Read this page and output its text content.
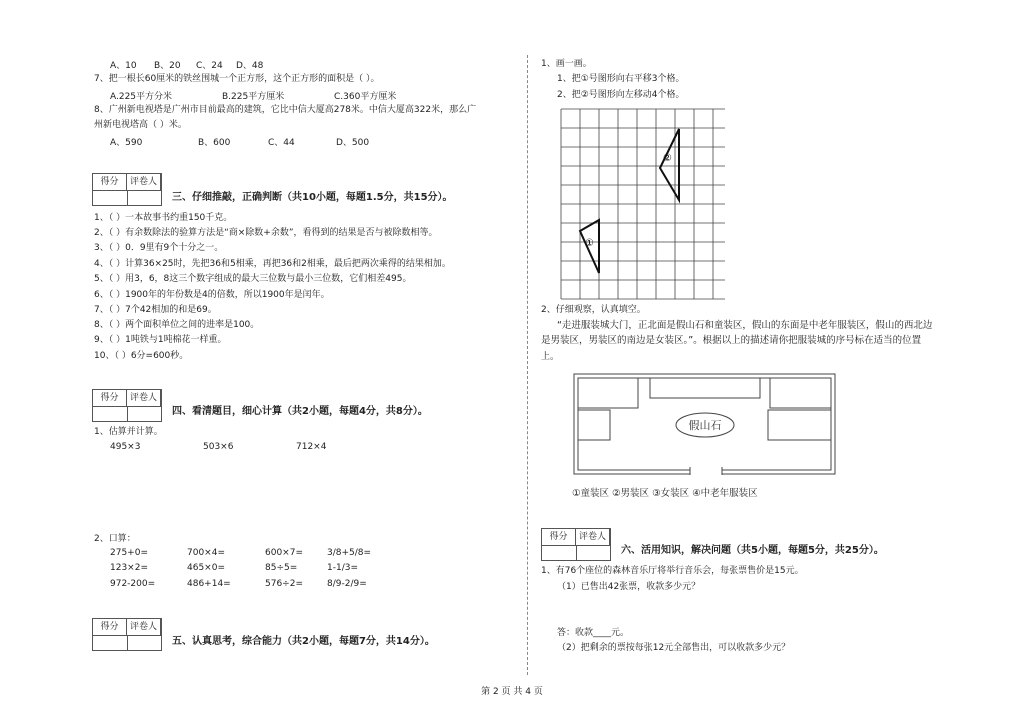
A、10	B、20	C、24	D、48
7、把一根长60厘米的铁丝围城一个正方形，这个正方形的面积是（ ）。
A.225平方分米	B.225平方厘米	C.360平方厘米
8、广州新电视塔是广州市目前最高的建筑，它比中信大厦高278米。中信大厦高322米，那么广
州新电视塔高（ ）米。
A、590	B、600	C、44	D、500
得分	评卷人
三、仔细推敲，正确判断（共10小题，每题1.5分，共15分）。
1、（ ）一本故事书约重150千克。
2、（ ）有余数除法的验算方法是“商×除数+余数”，看得到的结果是否与被除数相等。
3、（ ）0．9里有9个十分之一。
4、（ ）计算36×25时，先把36和5相乘，再把36和2相乘，最后把两次乘得的结果相加。
5、（ ）用3，6，8这三个数字组成的最大三位数与最小三位数，它们相差495。
6、（ ）1900年的年份数是4的倍数，所以1900年是闰年。
7、（ ）7个42相加的和是69。
8、（ ）两个面积单位之间的进率是100。
9、（ ）1吨铁与1吨棉花一样重。
10、（ ）6分=600秒。
得分	评卷人
四、看清题目，细心计算（共2小题，每题4分，共8分）。
1、估算并计算。
495×3	503×6	712×4
2、口算：
275+0=	700×4=	600×7=	3/8+5/8=
123×2=	465×0=	85÷5=	1-1/3=
972-200=	486+14=	576÷2=	8/9-2/9=
得分	评卷人
五、认真思考，综合能力（共2小题，每题7分，共14分）。
1、画一画。
1、把①号图形向右平移3个格。
2、把②号图形向左移动4个格。
①
②
2、仔细观察，认真填空。
“走进服装城大门，正北面是假山石和童装区，假山的东面是中老年服装区，假山的西北边
是男装区，男装区的南边是女装区。”。根据以上的描述请你把服装城的序号标在适当的位置
上。
假山石
①童装区 ②男装区 ③女装区 ④中老年服装区
得分	评卷人
六、活用知识，解决问题（共5小题，每题5分，共25分）。
1、有76个座位的森林音乐厅将举行音乐会，每张票售价是15元。
（1）已售出42张票，收款多少元？
答：收款____元。
（2）把剩余的票按每张12元全部售出，可以收款多少元？
第 2 页 共 4 页
